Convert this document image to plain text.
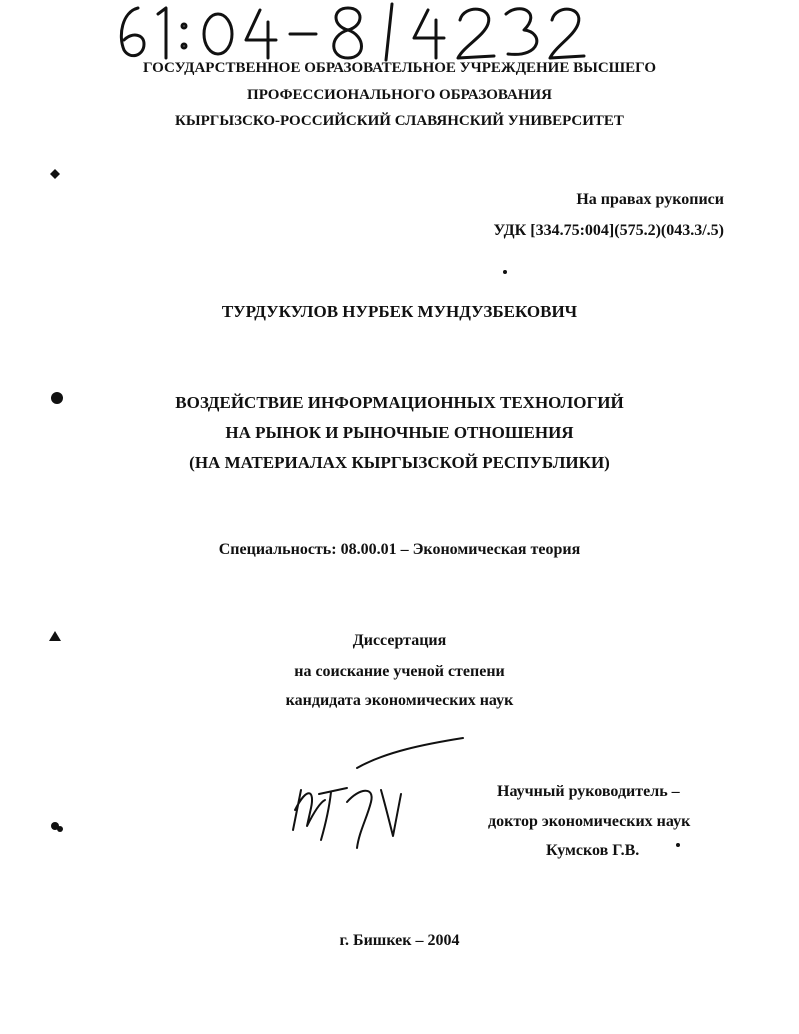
ГОСУДАРСТВЕННОЕ ОБРАЗОВАТЕЛЬНОЕ УЧРЕЖДЕНИЕ ВЫСШЕГО

ПРОФЕССИОНАЛЬНОГО ОБРАЗОВАНИЯ

КЫРГЫЗСКО-РОССИЙСКИЙ СЛАВЯНСКИЙ УНИВЕРСИТЕТ

На правах рукописи

УДК [334.75:004](575.2)(043.3/.5)

ТУРДУКУЛОВ НУРБЕК МУНДУЗБЕКОВИЧ

ВОЗДЕЙСТВИЕ ИНФОРМАЦИОННЫХ ТЕХНОЛОГИЙ

НА РЫНОК И РЫНОЧНЫЕ ОТНОШЕНИЯ

(НА МАТЕРИАЛАХ КЫРГЫЗСКОЙ РЕСПУБЛИКИ)

Специальность: 08.00.01 – Экономическая теория

Диссертация

на соискание ученой степени

кандидата экономических наук

Научный руководитель –

доктор экономических наук

Кумсков Г.В.

г. Бишкек – 2004
